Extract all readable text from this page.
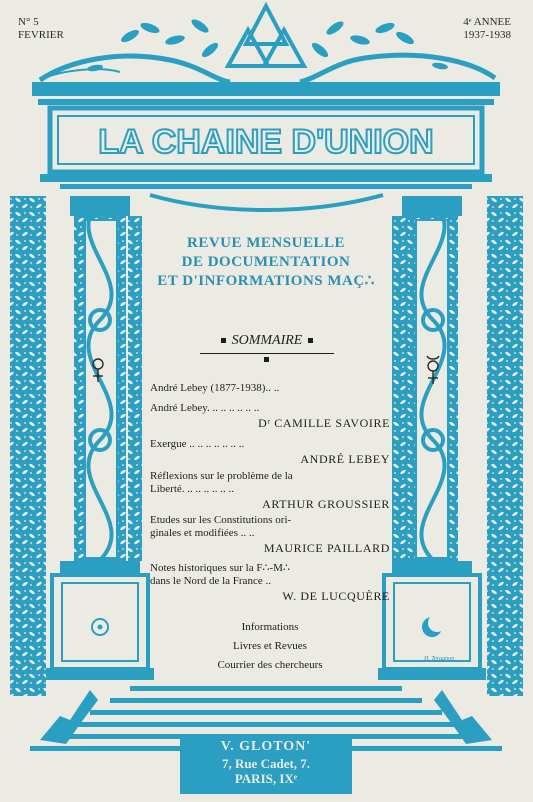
N° 5
FEVRIER
4ᵉ ANNEE
1937-1938
LA CHAINE D'UNION
REVUE MENSUELLE
DE DOCUMENTATION
ET D'INFORMATIONS MAÇ∴
SOMMAIRE
André Lebey (1877-1938).. ..
André Lebey. .. .. .. .. .. ..
Dʳ CAMILLE SAVOIRE
Exergue .. .. .. .. .. .. ..
ANDRÉ LEBEY
Réflexions sur le problème de la
Liberté. .. .. .. .. .. ..
ARTHUR GROUSSIER
Etudes sur les Constitutions ori-
ginales et modifiées .. ..
MAURICE PAILLARD
Notes historiques sur la F∴-M∴
dans le Nord de la France ..
W. DE LUCQUÈRE
Informations
Livres et Revues
Courrier des chercheurs	H. Teragnon
V. GLOTON'
7, Rue Cadet, 7.
PARIS, IXᵉ
